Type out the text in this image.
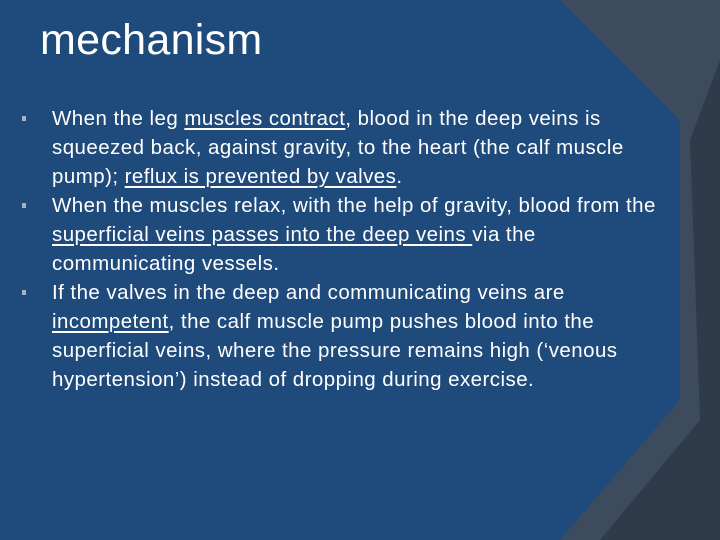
mechanism
When the leg muscles contract, blood in the deep veins is squeezed back, against gravity, to the heart (the calf muscle pump); reflux is prevented by valves.
When the muscles relax, with the help of gravity, blood from the superficial veins passes into the deep veins via the communicating vessels.
If the valves in the deep and communicating veins are incompetent, the calf muscle pump pushes blood into the superficial veins, where the pressure remains high (‘venous hypertension’) instead of dropping during exercise.
